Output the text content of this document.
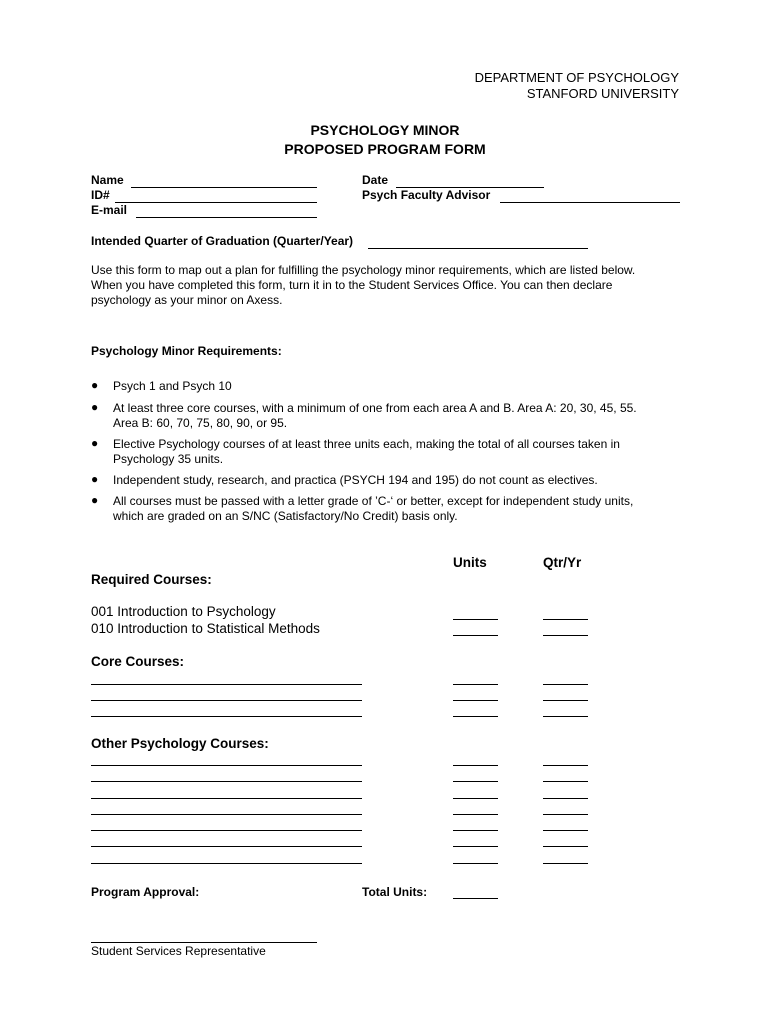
DEPARTMENT OF PSYCHOLOGY
STANFORD UNIVERSITY
PSYCHOLOGY MINOR
PROPOSED PROGRAM FORM
Name
ID#
E-mail
Date
Psych Faculty Advisor
Intended Quarter of Graduation (Quarter/Year)
Use this form to map out a plan for fulfilling the psychology minor requirements, which are listed below.
When you have completed this form, turn it in to the Student Services Office. You can then declare
psychology as your minor on Axess.
Psychology Minor Requirements:
● Psych 1 and Psych 10
● At least three core courses, with a minimum of one from each area A and B. Area A: 20, 30, 45, 55.
Area B: 60, 70, 75, 80, 90, or 95.
● Elective Psychology courses of at least three units each, making the total of all courses taken in
Psychology 35 units.
● Independent study, research, and practica (PSYCH 194 and 195) do not count as electives.
● All courses must be passed with a letter grade of ’C-‘ or better, except for independent study units,
which are graded on an S/NC (Satisfactory/No Credit) basis only.
Units	Qtr/Yr
Required Courses:
001 Introduction to Psychology
010 Introduction to Statistical Methods
Core Courses:
Other Psychology Courses:
Program Approval:	Total Units:
Student Services Representative
